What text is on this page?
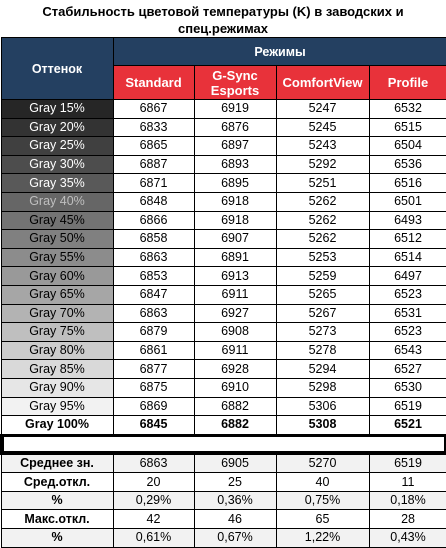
Стабильность цветовой температуры (K) в заводских и спец.режимах
Оттенок	Режимы			
	Standard	G-Sync Esports	ComfortView	Profile
Gray 15%	6867	6919	5247	6532
Gray 20%	6833	6876	5245	6515
Gray 25%	6865	6897	5243	6504
Gray 30%	6887	6893	5292	6536
Gray 35%	6871	6895	5251	6516
Gray 40%	6848	6918	5262	6501
Gray 45%	6866	6918	5262	6493
Gray 50%	6858	6907	5262	6512
Gray 55%	6863	6891	5253	6514
Gray 60%	6853	6913	5259	6497
Gray 65%	6847	6911	5265	6523
Gray 70%	6863	6927	5267	6531
Gray 75%	6879	6908	5273	6523
Gray 80%	6861	6911	5278	6543
Gray 85%	6877	6928	5294	6527
Gray 90%	6875	6910	5298	6530
Gray 95%	6869	6882	5306	6519
Gray 100%	6845	6882	5308	6521

Среднее зн.	6863	6905	5270	6519
Сред.откл.	20	25	40	11
%	0,29%	0,36%	0,75%	0,18%
Макс.откл.	42	46	65	28
%	0,61%	0,67%	1,22%	0,43%
